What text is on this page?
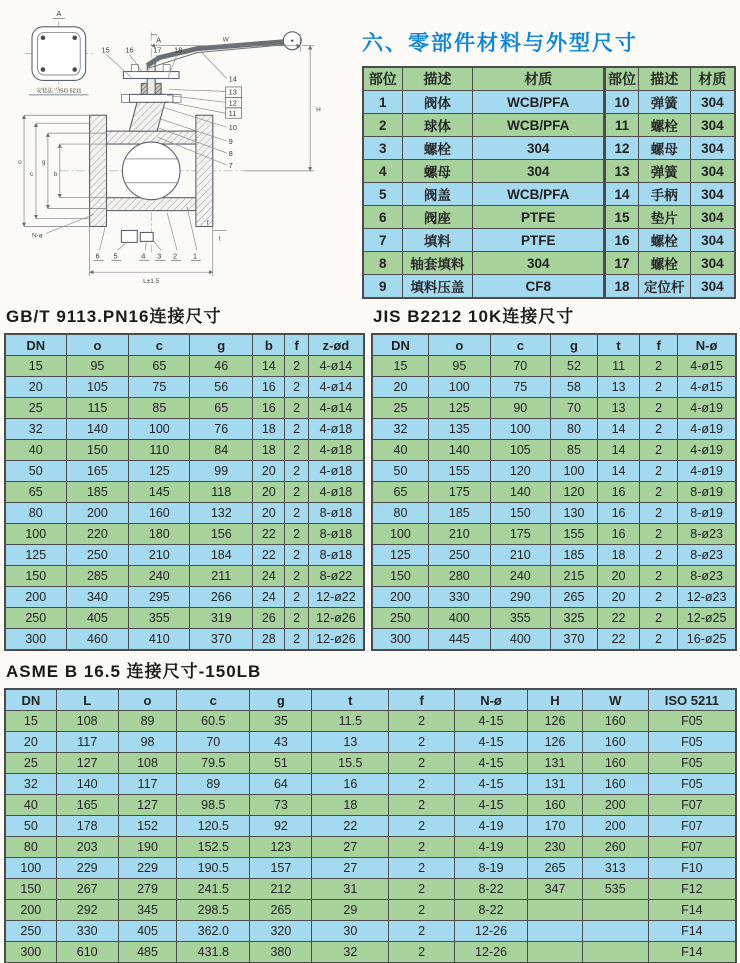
A
安装法兰ISO 5211
A
15 16	17 18
14
13
12
11
10
9
8
7
6 5	4 3 2 1
W
H
o
c
g
b
N-ø
L±1.5
t
f
六、零部件材料与外型尺寸
部位	描述	材质	部位	描述	材质
1	阀体	WCB/PFA	10	弹簧	304
2	球体	WCB/PFA	11	螺栓	304
3	螺栓	304	12	螺母	304
4	螺母	304	13	弹簧	304
5	阀盖	WCB/PFA	14	手柄	304
6	阀座	PTFE	15	垫片	304
7	填料	PTFE	16	螺栓	304
8	轴套填料	304	17	螺栓	304
9	填料压盖	CF8	18	定位杆	304
GB/T 9113.PN16连接尺寸
DN	o	c	g	b	f	z-ød
15	95	65	46	14	2	4-ø14
20	105	75	56	16	2	4-ø14
25	115	85	65	16	2	4-ø14
32	140	100	76	18	2	4-ø18
40	150	110	84	18	2	4-ø18
50	165	125	99	20	2	4-ø18
65	185	145	118	20	2	4-ø18
80	200	160	132	20	2	8-ø18
100	220	180	156	22	2	8-ø18
125	250	210	184	22	2	8-ø18
150	285	240	211	24	2	8-ø22
200	340	295	266	24	2	12-ø22
250	405	355	319	26	2	12-ø26
300	460	410	370	28	2	12-ø26
JIS B2212 10K连接尺寸
DN	o	c	g	t	f	N-ø
15	95	70	52	11	2	4-ø15
20	100	75	58	13	2	4-ø15
25	125	90	70	13	2	4-ø19
32	135	100	80	14	2	4-ø19
40	140	105	85	14	2	4-ø19
50	155	120	100	14	2	4-ø19
65	175	140	120	16	2	8-ø19
80	185	150	130	16	2	8-ø19
100	210	175	155	16	2	8-ø23
125	250	210	185	18	2	8-ø23
150	280	240	215	20	2	8-ø23
200	330	290	265	20	2	12-ø23
250	400	355	325	22	2	12-ø25
300	445	400	370	22	2	16-ø25
ASME B 16.5 连接尺寸-150LB
DN	L	o	c	g	t	f	N-ø	H	W	ISO 5211
15	108	89	60.5	35	11.5	2	4-15	126	160	F05
20	117	98	70	43	13	2	4-15	126	160	F05
25	127	108	79.5	51	15.5	2	4-15	131	160	F05
32	140	117	89	64	16	2	4-15	131	160	F05
40	165	127	98.5	73	18	2	4-15	160	200	F07
50	178	152	120.5	92	22	2	4-19	170	200	F07
80	203	190	152.5	123	27	2	4-19	230	260	F07
100	229	229	190.5	157	27	2	8-19	265	313	F10
150	267	279	241.5	212	31	2	8-22	347	535	F12
200	292	345	298.5	265	29	2	8-22			F14
250	330	405	362.0	320	30	2	12-26			F14
300	610	485	431.8	380	32	2	12-26			F14
